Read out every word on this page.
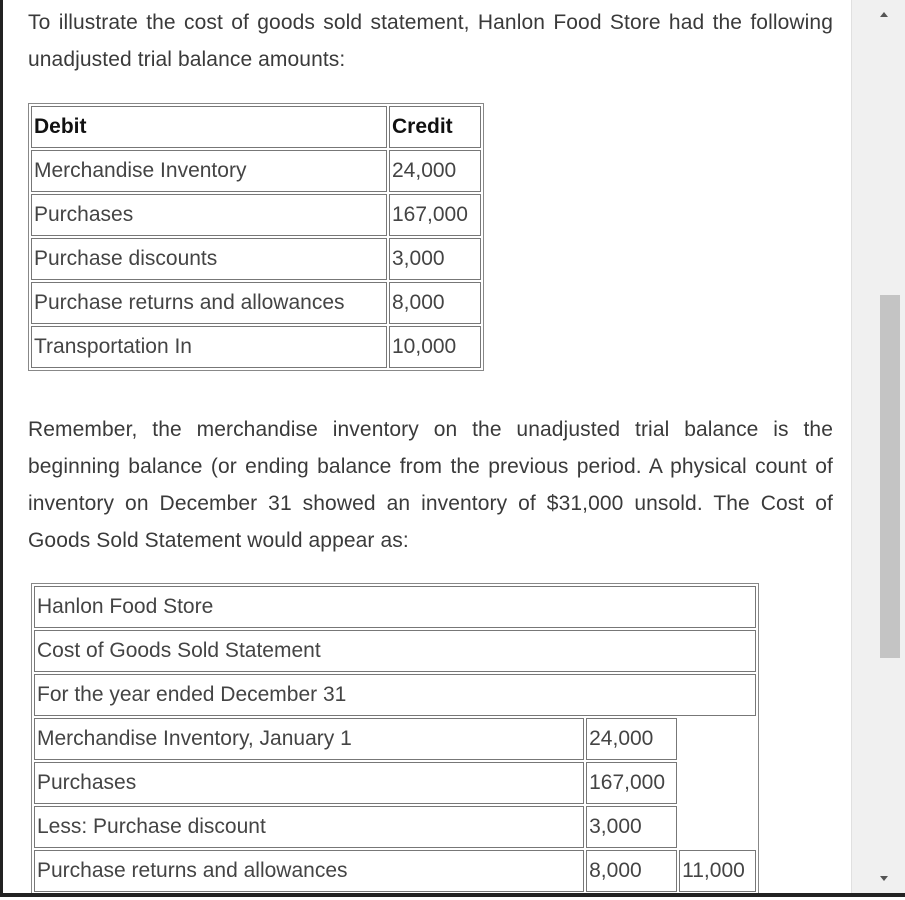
To illustrate the cost of goods sold statement, Hanlon Food Store had the following unadjusted trial balance amounts:

Debit	Credit
Merchandise Inventory	24,000
Purchases	167,000
Purchase discounts	3,000
Purchase returns and allowances	8,000
Transportation In	10,000

Remember, the merchandise inventory on the unadjusted trial balance is the beginning balance (or ending balance from the previous period. A physical count of inventory on December 31 showed an inventory of $31,000 unsold. The Cost of Goods Sold Statement would appear as:

Hanlon Food Store		
Cost of Goods Sold Statement		
For the year ended December 31		
Merchandise Inventory, January 1	24,000	
Purchases	167,000	
Less: Purchase discount	3,000	
Purchase returns and allowances	8,000	11,000
